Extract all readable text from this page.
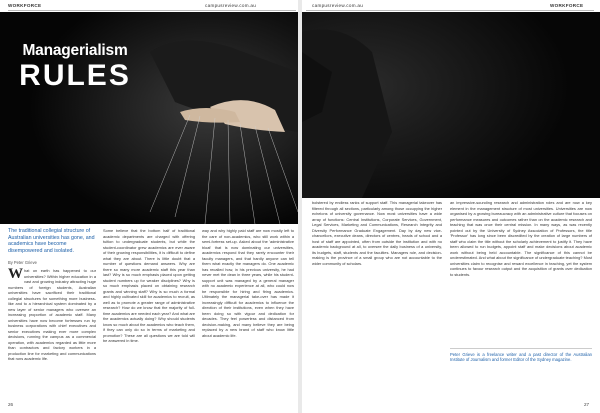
WORKFORCE	campusreview.com.au
Managerialism
RULES
The traditional collegial structure of Australian universities has gone, and academics have become disempowered and isolated.
By Peter Grieve
W hat on earth has happened to our universities? Within higher education in a vast and growing industry attracting huge numbers of foreign students, Australian universities have sacrificed their traditional collegial structures for something more business-like and to a hierarchical system dominated by a new layer of senior managers who oversee an increasing proportion of academic staff. Many universities have now become fortresses run by business corporations with chief executives and senior executives making ever more complex decisions, running the campus as a commercial operation, with academics regarded as little more than contractors and factory workers in a production line for marketing and communications that runs academic life.
Some believe that the bottom half of traditional academic departments are charged with offering tuition to undergraduate students, but while the student-coordinator grew academics are ever aware of their growing responsibilities, it is difficult to define what they are about. There is little doubt that a number of questions demand answers. Why are there so many more academic staff this year than last? Why is so much emphasis placed upon getting student numbers up for weaker disciplines? Why is so much emphasis placed on obtaining research grants and winning staff? Why is so much a formal and highly cultivated skill for academics to recruit, as well as to promote a greater range of administrative research? How do we know that the majority of full-time academics are needed each year? And what are the academics actually doing? Why should students know so much about the academics who teach them, if they can only do so in terms of marketing and promotion? These are all questions we are told will be answered in time.
way and why highly paid staff are now mostly left to the care of non-academics, who still work within a semi-fortress set-up. Asked about the 'administrative bloat' that is now dominating our universities, academics respond that they rarely encounter their faculty managers, and that hardly anyone can tell them what exactly the managers do. One academic has recalled how, in his previous university, he had never met the dean in three years, while his student-support unit was managed by a general manager with no academic experience at all, who could now be responsible for hiring and firing academics. Ultimately the managerial take-over has made it increasingly difficult for academics to influence the direction of their institutions, even when they have been doing so with vigour and dedication for decades. They feel powerless and distanced from decision-making, and many believe they are being replaced by a new brand of staff who know little about academic life.
26
campusreview.com.au	WORKFORCE
bolstered by endless ranks of support staff. This managerial takeover has filtered through all sections, particularly among those occupying the higher echelons of university governance. Now most universities have a wide array of functions: Central Institutions, Corporate Services, Government, Legal Services, Marketing and Communications, Research Integrity and Diversity Performance Graduate Engagement. Day by day new vice-chancellors, executive deans, directors of centres, heads of school and a host of staff are appointed, often from outside the institution and with no academic background at all, to oversee the daily business of a university, its budgets, staff, students and the faculties. Managers rule, and decision-making is the province of a small group who are not accountable to the wider community of scholars.
an impressive-sounding research and administration roles and are now a key element in the management structure of most universities. Universities are now organised by a growing bureaucracy with an administrative culture that focuses on performance measures and outcomes rather than on the academic research and teaching that was once their central mission. In many ways, as was recently pointed out by the University of Sydney Association of Professors, the title 'Professor' has long since been discredited by the creation of large numbers of staff who claim the title without the scholarly achievement to justify it. They have been allowed to run budgets, appoint staff and make decisions about academic work without being held accountable. The significance of this cannot be underestimated. And what about the significance of undergraduate teaching? Most universities claim to recognise and reward excellence in teaching, yet the system continues to favour research output and the acquisition of grants over dedication to students.
Peter Grieve is a freelance writer and a past director of the Australian Institute of Journalism and former Editor of the Sydney magazine.
27
